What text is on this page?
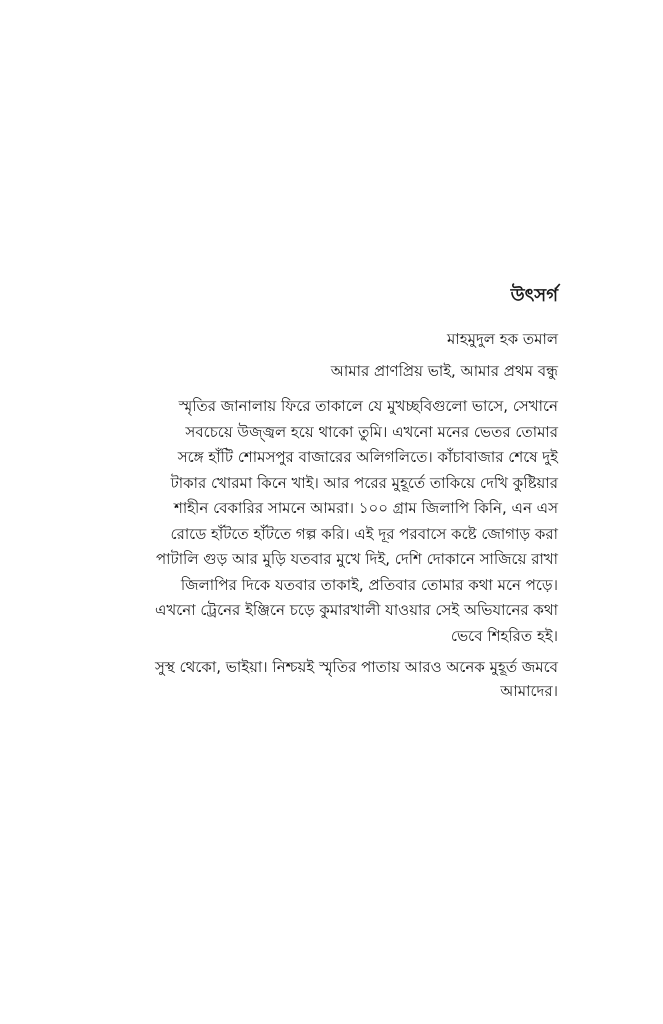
উৎসর্গ
মাহমুদুল হক তমাল
আমার প্রাণপ্রিয় ভাই, আমার প্রথম বন্ধু
স্মৃতির জানালায় ফিরে তাকালে যে মুখচ্ছবিগুলো ভাসে, সেখানে
সবচেয়ে উজ্জ্বল হয়ে থাকো তুমি। এখনো মনের ভেতর তোমার
সঙ্গে হাঁটি শোমসপুর বাজারের অলিগলিতে। কাঁচাবাজার শেষে দুই
টাকার খোরমা কিনে খাই। আর পরের মুহূর্তে তাকিয়ে দেখি কুষ্টিয়ার
শাহীন বেকারির সামনে আমরা। ১০০ গ্রাম জিলাপি কিনি, এন এস
রোডে হাঁটতে হাঁটতে গল্প করি। এই দূর পরবাসে কষ্টে জোগাড় করা
পাটালি গুড় আর মুড়ি যতবার মুখে দিই, দেশি দোকানে সাজিয়ে রাখা
জিলাপির দিকে যতবার তাকাই, প্রতিবার তোমার কথা মনে পড়ে।
এখনো ট্রেনের ইঞ্জিনে চড়ে কুমারখালী যাওয়ার সেই অভিযানের কথা
ভেবে শিহরিত হই।
সুস্থ থেকো, ভাইয়া। নিশ্চয়ই স্মৃতির পাতায় আরও অনেক মুহূর্ত জমবে
আমাদের।
